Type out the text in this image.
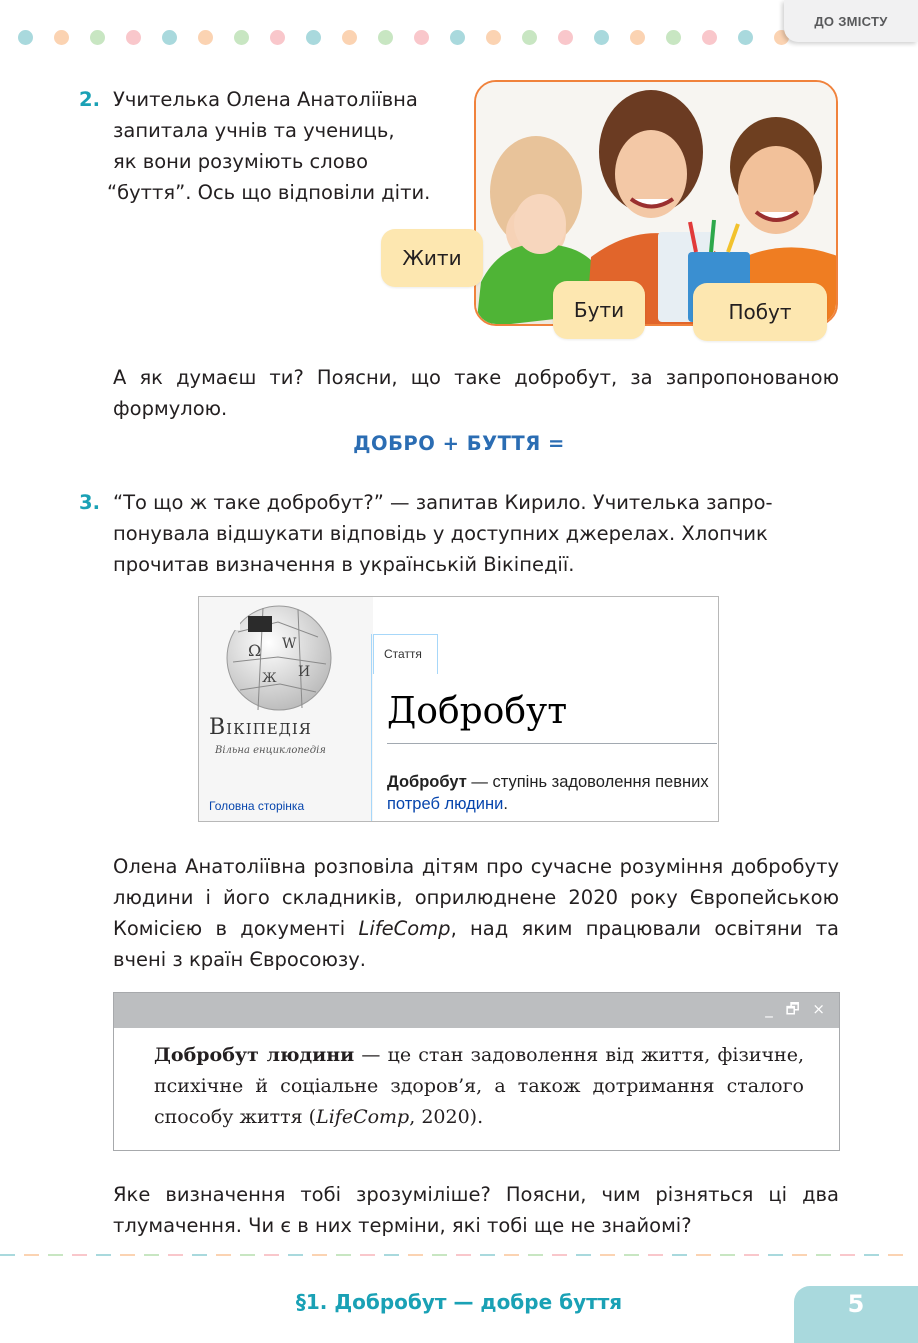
ДО ЗМІСТУ
2. Учителька Олена Анатоліївна

запитала учнів та учениць,

як вони розуміють слово

“буття”. Ось що відповіли діти.

Жити
Бути	Побут

А як думаєш ти? Поясни, що таке добробут, за запропонованою формулою.

ДОБРО + БУТТЯ =
3. “То що ж таке добробут?” — запитав Кирило. Учителька запро-

понувала відшукати відповідь у доступних джерелах. Хлопчик

прочитав визначення в українській Вікіпедії.

Ω W
И
Ж
Вікіпедія
Вільна енциклопедія
Головна сторінка
Стаття
Добробут
Добробут — ступінь задоволення певних потреб людини.

Олена Анатоліївна розповіла дітям про сучасне розуміння добробуту людини і його складників, оприлюднене 2020 року Європейською Комісією в документі LifeComp, над яким працювали освітяни та вчені з країн Євросоюзу.

_ 🗗 ×
Добробут людини — це стан задоволення від життя, фізичне, психічне й соціальне здоров’я, а також дотримання сталого способу життя (LifeComp, 2020).

Яке визначення тобі зрозуміліше? Поясни, чим різняться ці два тлумачення. Чи є в них терміни, які тобі ще не знайомі?

§1. Добробут — добре буття	5
